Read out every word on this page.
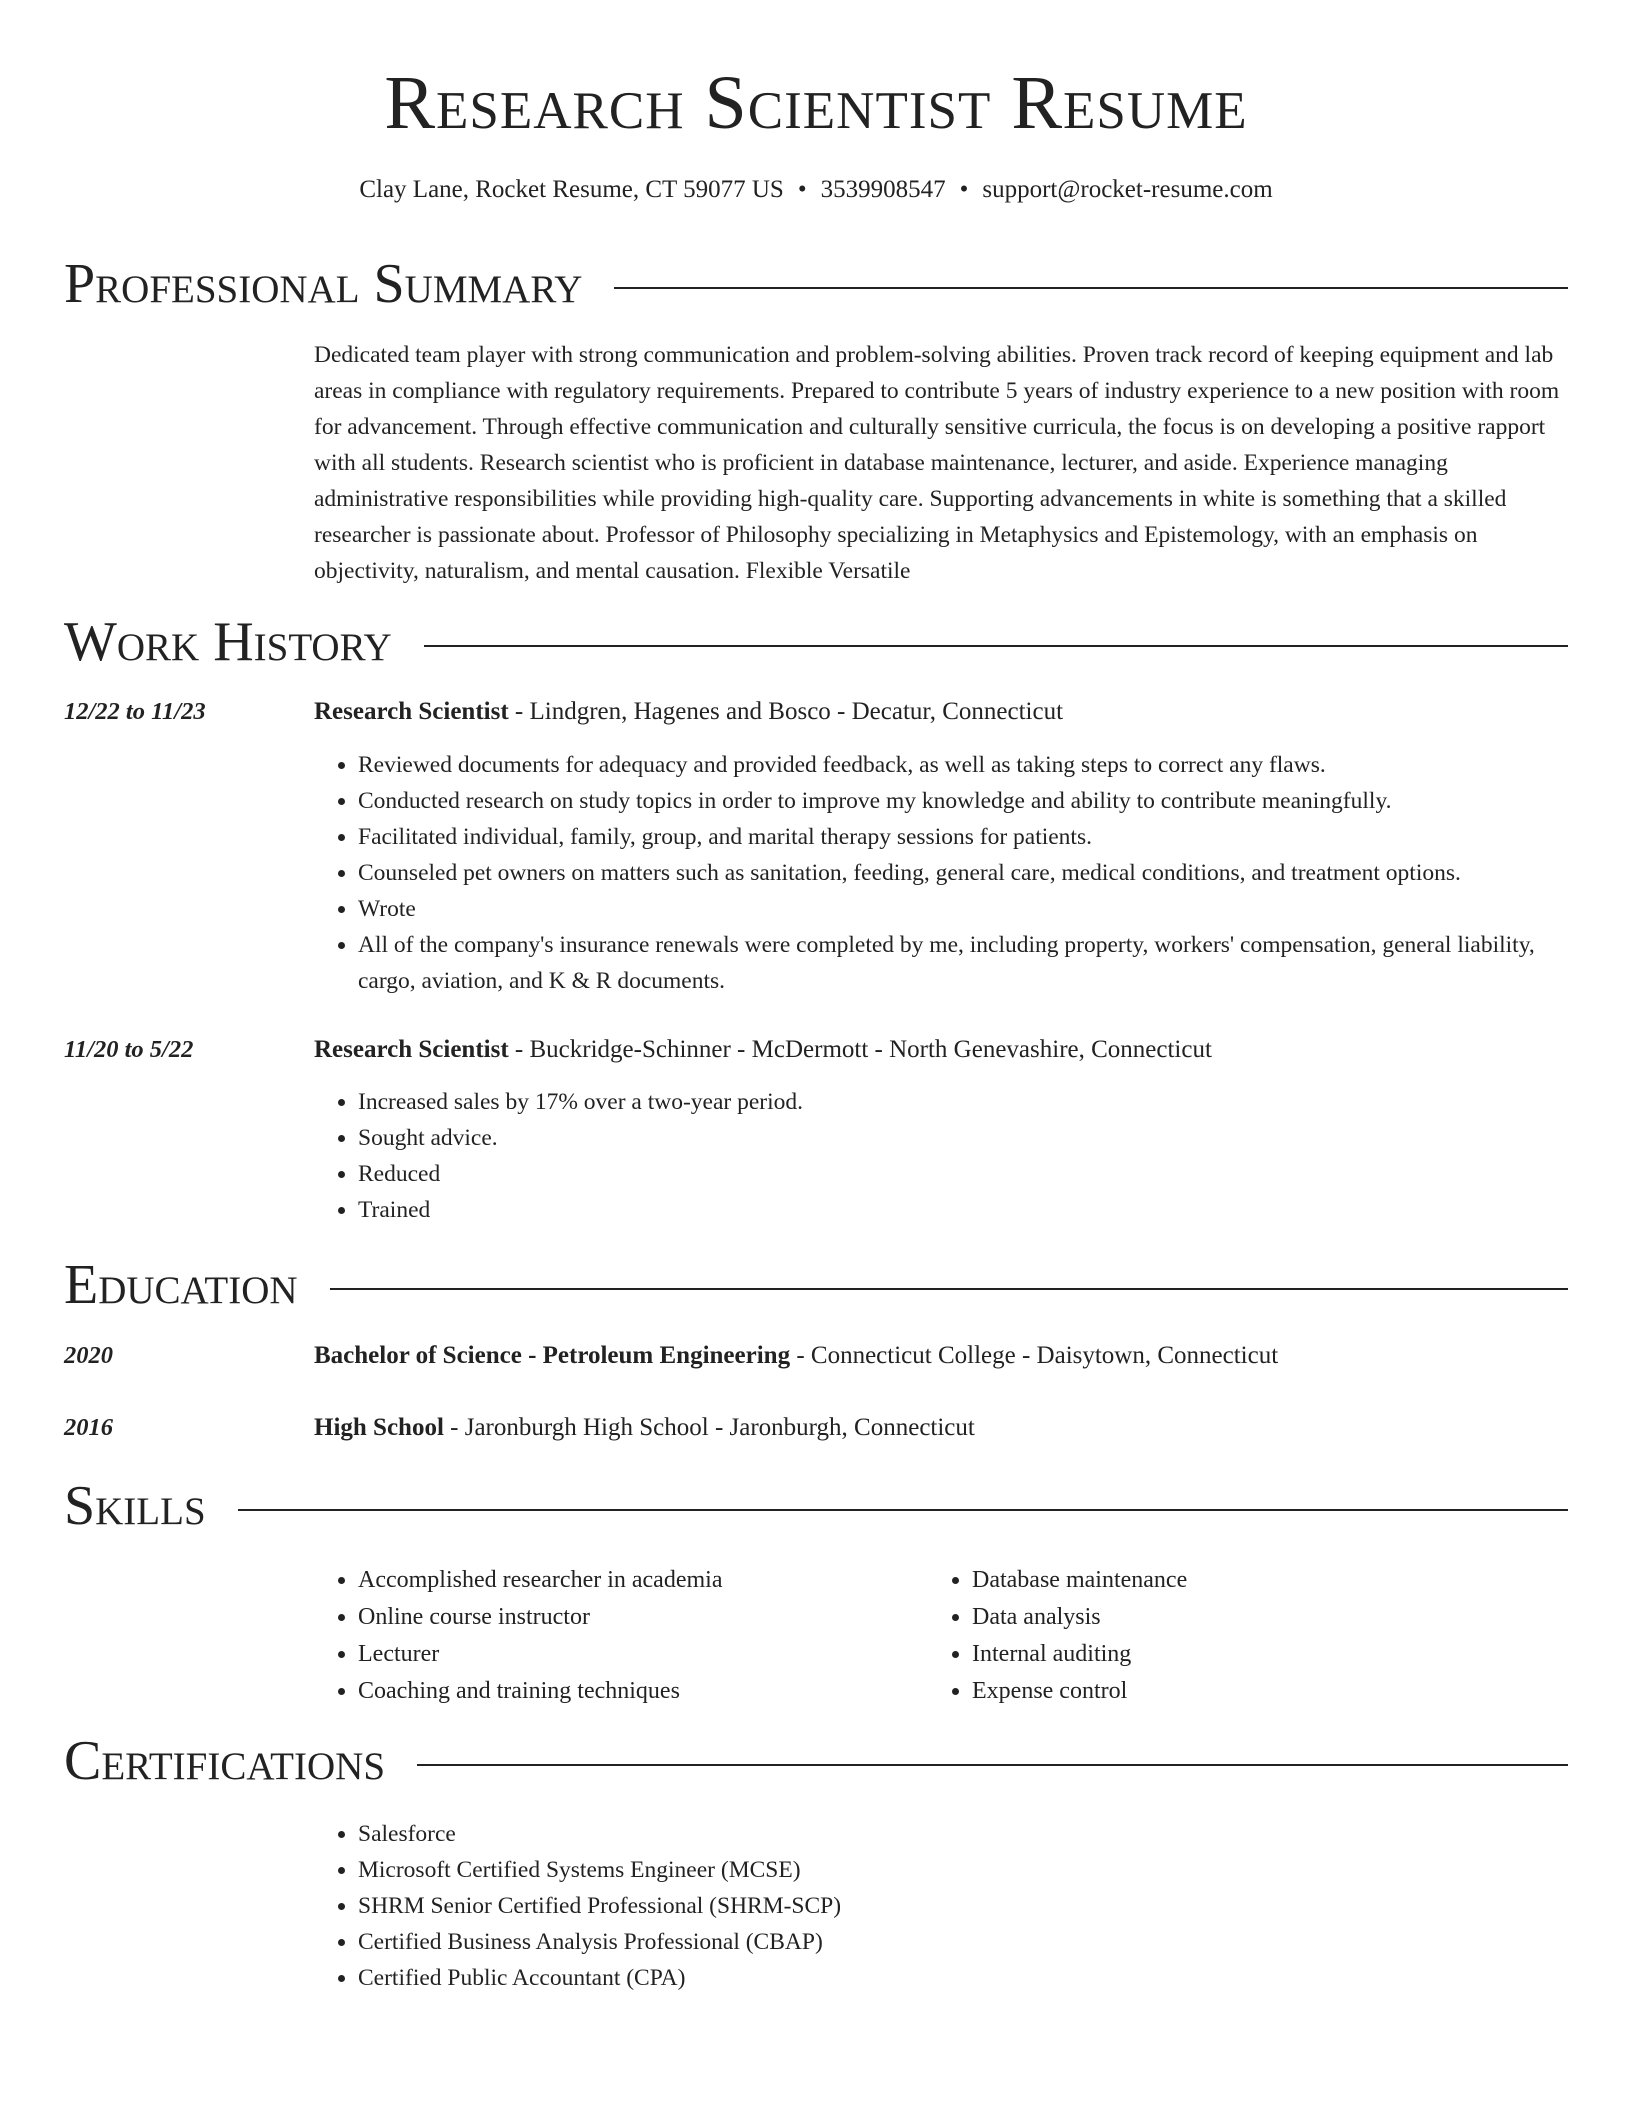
Research Scientist Resume
Clay Lane, Rocket Resume, CT 59077 US • 3539908547 • support@rocket-resume.com
Professional Summary
Dedicated team player with strong communication and problem-solving abilities. Proven track record of keeping equipment and lab areas in compliance with regulatory requirements. Prepared to contribute 5 years of industry experience to a new position with room for advancement. Through effective communication and culturally sensitive curricula, the focus is on developing a positive rapport with all students. Research scientist who is proficient in database maintenance, lecturer, and aside. Experience managing administrative responsibilities while providing high-quality care. Supporting advancements in white is something that a skilled researcher is passionate about. Professor of Philosophy specializing in Metaphysics and Epistemology, with an emphasis on objectivity, naturalism, and mental causation. Flexible Versatile
Work History
12/22 to 11/23	Research Scientist - Lindgren, Hagenes and Bosco - Decatur, Connecticut
• Reviewed documents for adequacy and provided feedback, as well as taking steps to correct any flaws.
• Conducted research on study topics in order to improve my knowledge and ability to contribute meaningfully.
• Facilitated individual, family, group, and marital therapy sessions for patients.
• Counseled pet owners on matters such as sanitation, feeding, general care, medical conditions, and treatment options.
• Wrote
• All of the company's insurance renewals were completed by me, including property, workers' compensation, general liability, cargo, aviation, and K & R documents.
11/20 to 5/22	Research Scientist - Buckridge-Schinner - McDermott - North Genevashire, Connecticut
• Increased sales by 17% over a two-year period.
• Sought advice.
• Reduced
• Trained
Education
2020	Bachelor of Science - Petroleum Engineering - Connecticut College - Daisytown, Connecticut
2016	High School - Jaronburgh High School - Jaronburgh, Connecticut
Skills
• Accomplished researcher in academia
• Online course instructor
• Lecturer
• Coaching and training techniques
• Database maintenance
• Data analysis
• Internal auditing
• Expense control
Certifications
• Salesforce
• Microsoft Certified Systems Engineer (MCSE)
• SHRM Senior Certified Professional (SHRM-SCP)
• Certified Business Analysis Professional (CBAP)
• Certified Public Accountant (CPA)
